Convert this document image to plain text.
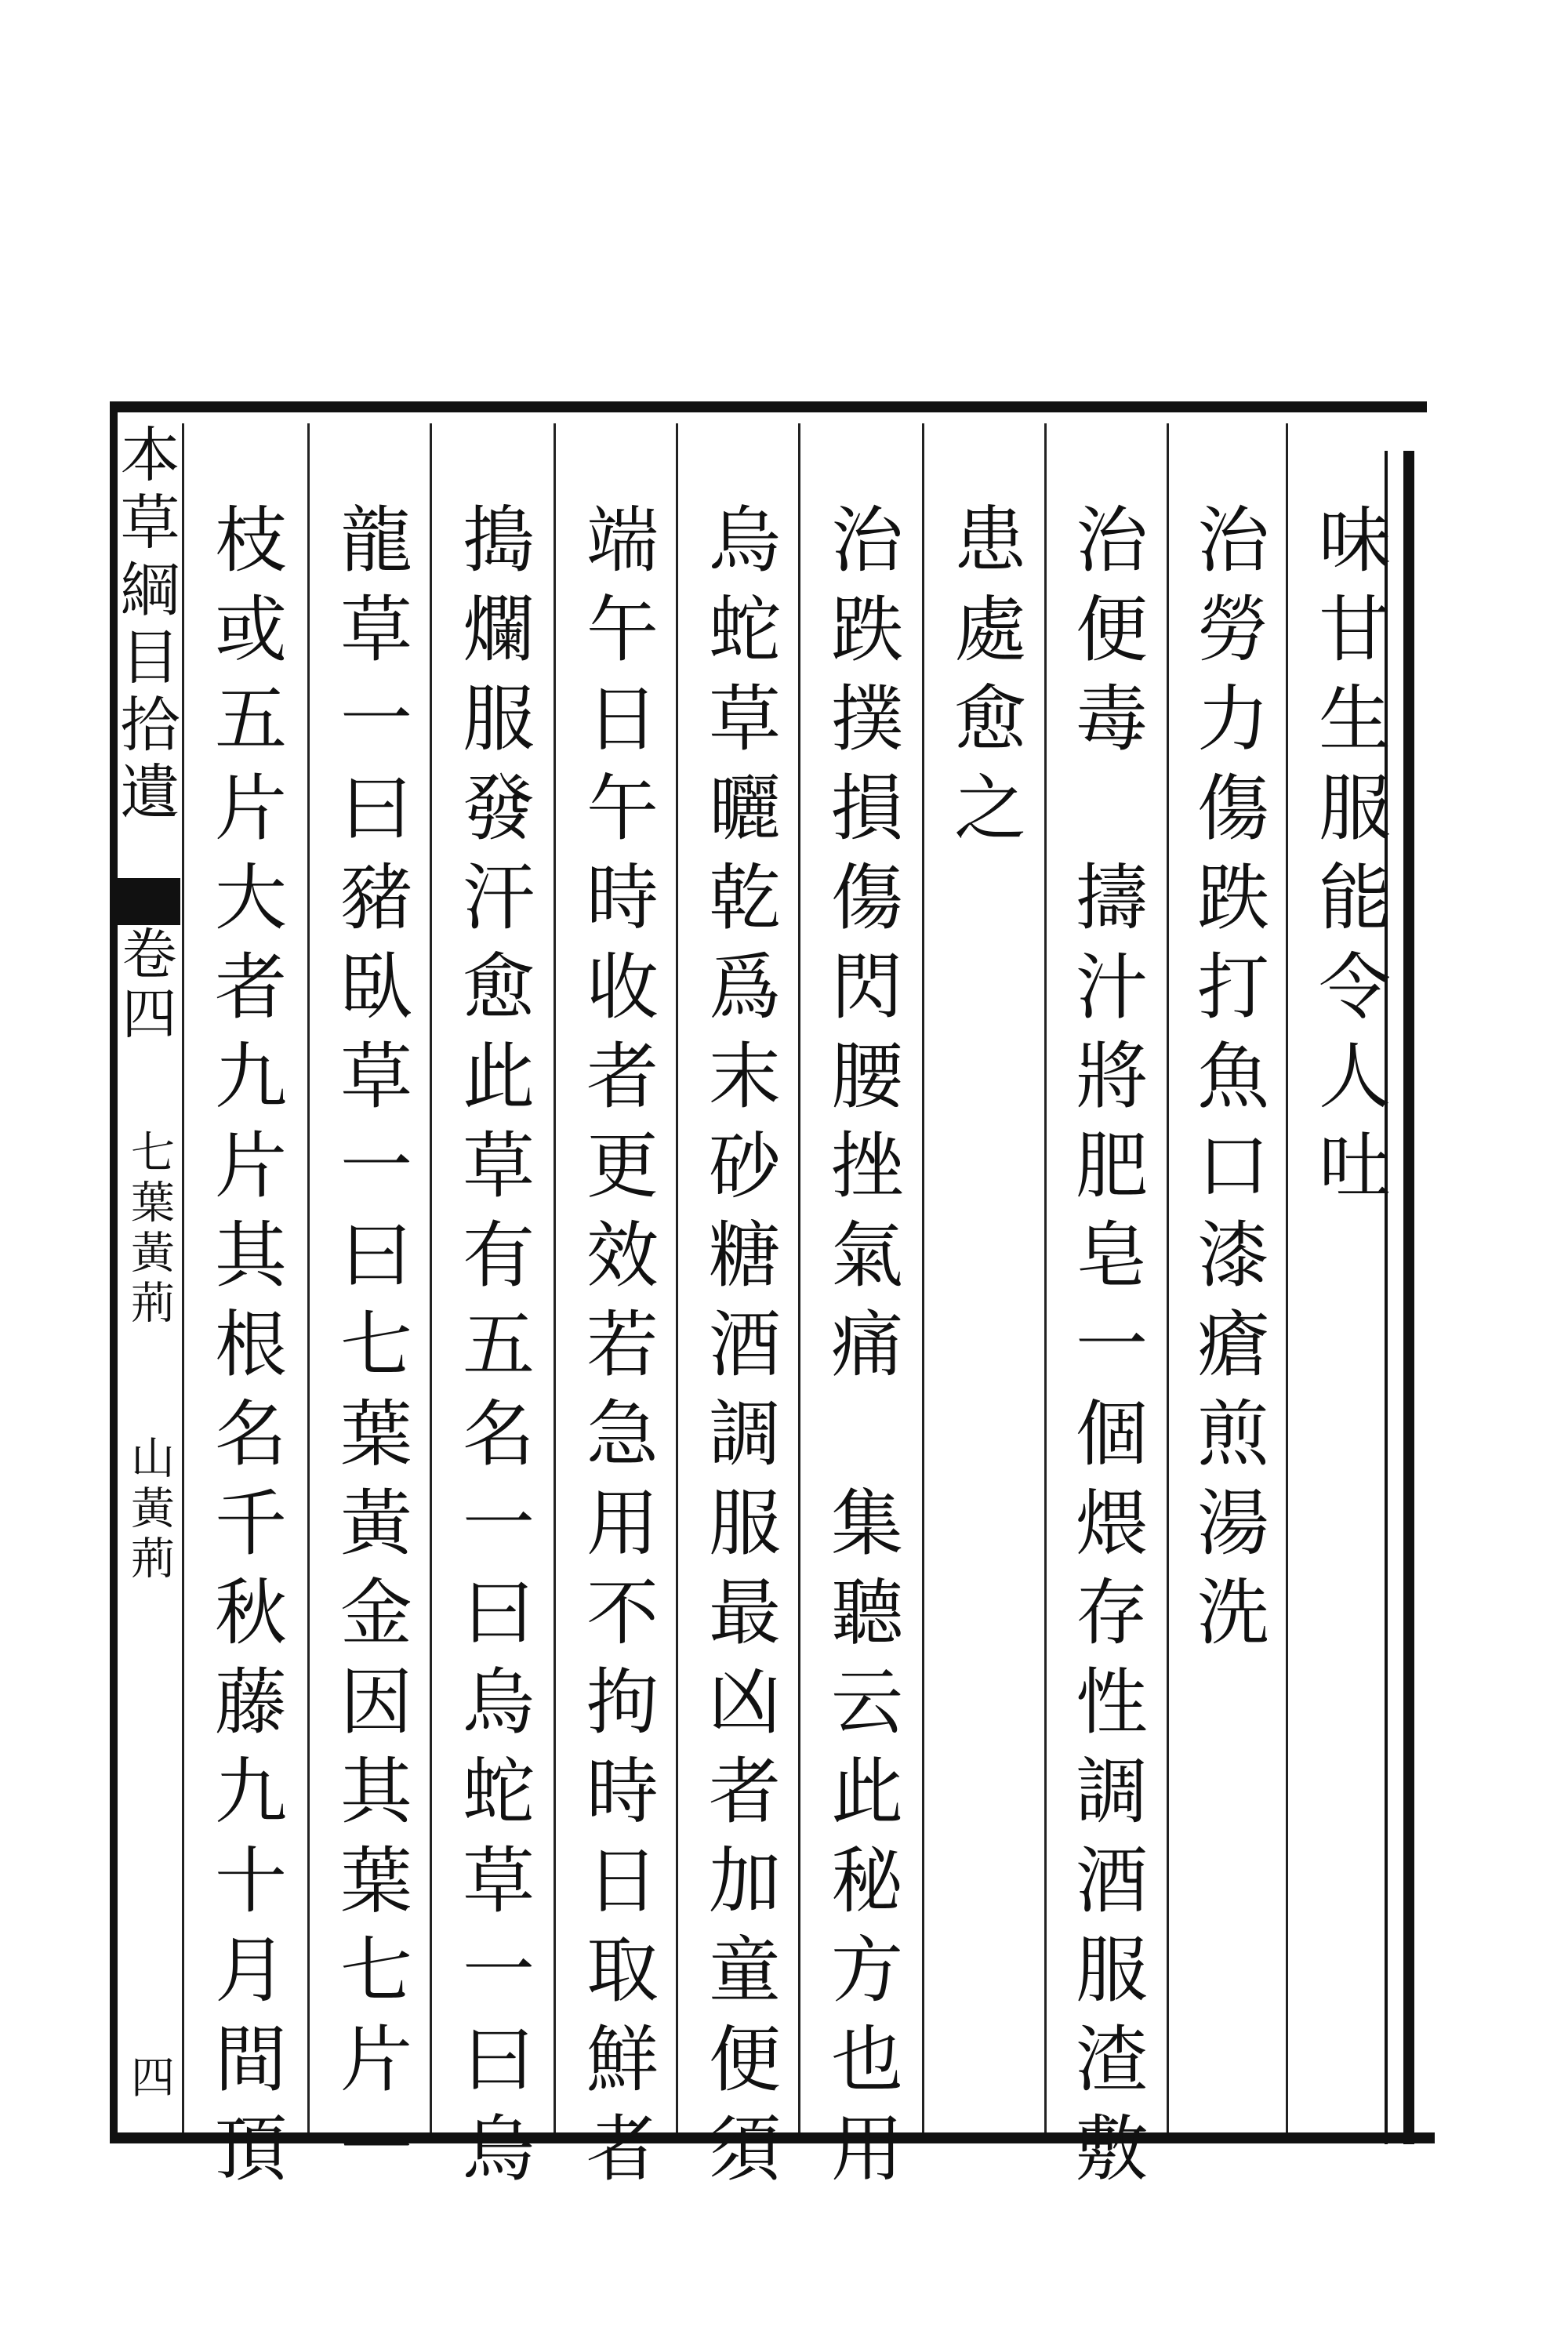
本草綱目拾遺
卷四
七葉黃荊
山黃荊
四
味甘生服能令人吐
治勞力傷跌打魚口漆瘡煎湯洗
治便毒　擣汁將肥皂一個煨存性調酒服渣敷
患處愈之
治跌撲損傷閃腰挫氣痛　集聽云此秘方也用
烏蛇草曬乾爲末砂糖酒調服最凶者加童便須
端午日午時收者更效若急用不拘時日取鮮者
搗爛服發汗愈此草有五名一曰烏蛇草一曰烏
龍草一曰豬臥草一曰七葉黃金因其葉七片一
枝或五片大者九片其根名千秋藤九十月間頂
